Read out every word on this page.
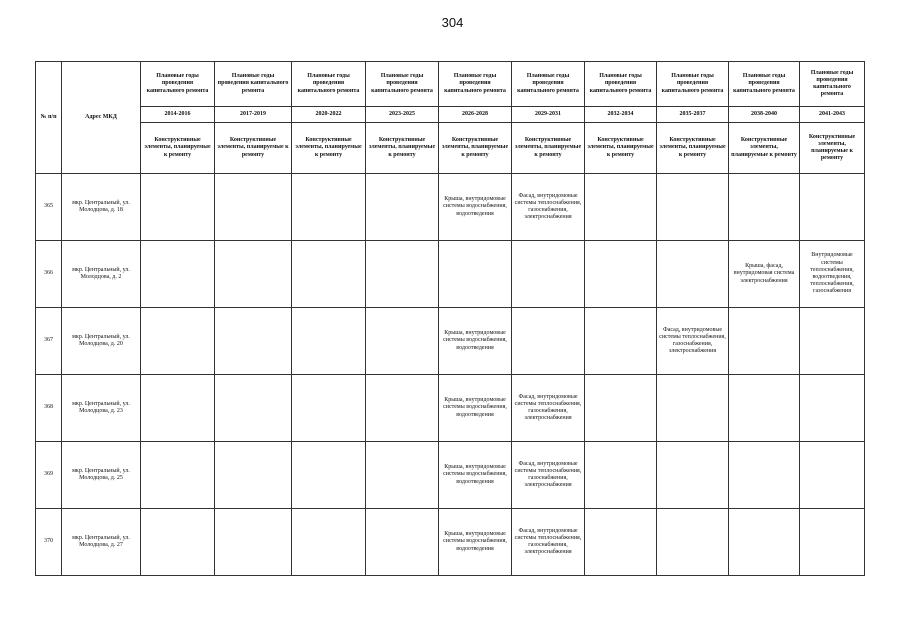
304
№ п/п	Адрес МКД	Плановые годы проведения капитального ремонта	Плановые годы проведения капитального ремонта	Плановые годы проведения капитального ремонта	Плановые годы проведения капитального ремонта	Плановые годы проведения капитального ремонта	Плановые годы проведения капитального ремонта	Плановые годы проведения капитального ремонта	Плановые годы проведения капитального ремонта	Плановые годы проведения капитального ремонта	Плановые годы проведения капитального ремонта
		2014-2016	2017-2019	2020-2022	2023-2025	2026-2028	2029-2031	2032-2034	2035-2037	2038-2040	2041-2043
		Конструктивные элементы, планируемые к ремонту	Конструктивные элементы, планируемые к ремонту	Конструктивные элементы, планируемые к ремонту	Конструктивные элементы, планируемые к ремонту	Конструктивные элементы, планируемые к ремонту	Конструктивные элементы, планируемые к ремонту	Конструктивные элементы, планируемые к ремонту	Конструктивные элементы, планируемые к ремонту	Конструктивные элементы, планируемые к ремонту	Конструктивные элементы, планируемые к ремонту
365	мкр. Центральный, ул. Молодцова, д. 18					Крыша, внутридомовые системы водоснабжения, водоотведения	Фасад, внутридомовые системы теплоснабжения, газоснабжения, электроснабжения				
366	мкр. Центральный, ул. Молодцова, д. 2									Крыша, фасад, внутридомовая система электроснабжения	Внутридомовые системы теплоснабжения, водоотведения, теплоснабжения, газоснабжения
367	мкр. Центральный, ул. Молодцова, д. 20					Крыша, внутридомовые системы водоснабжения, водоотведения			Фасад, внутридомовые системы теплоснабжения, газоснабжения, электроснабжения		
368	мкр. Центральный, ул. Молодцова, д. 23					Крыша, внутридомовые системы водоснабжения, водоотведения	Фасад, внутридомовые системы теплоснабжения, газоснабжения, электроснабжения				
369	мкр. Центральный, ул. Молодцова, д. 25					Крыша, внутридомовые системы водоснабжения, водоотведения	Фасад, внутридомовые системы теплоснабжения, газоснабжения, электроснабжения				
370	мкр. Центральный, ул. Молодцова, д. 27					Крыша, внутридомовые системы водоснабжения, водоотведения	Фасад, внутридомовые системы теплоснабжения, газоснабжения, электроснабжения				
